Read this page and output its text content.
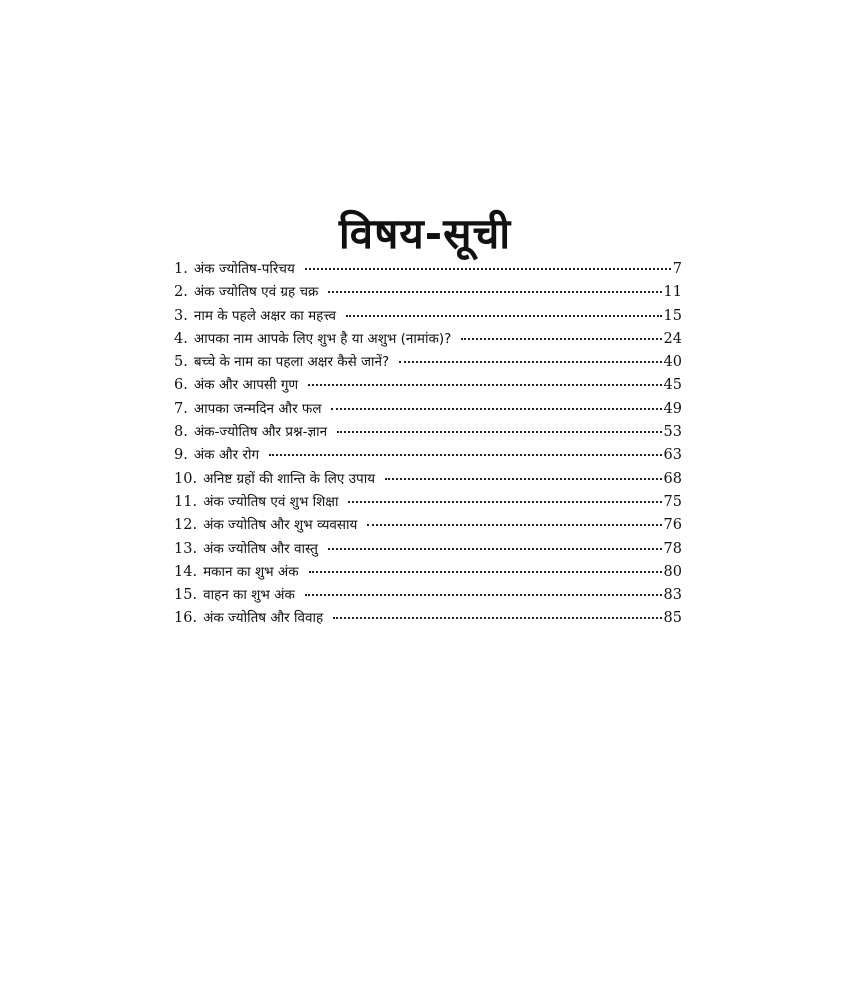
विषय-सूची
1. अंक ज्योतिष-परिचय	7
2. अंक ज्योतिष एवं ग्रह चक्र	11
3. नाम के पहले अक्षर का महत्त्व	15
4. आपका नाम आपके लिए शुभ है या अशुभ (नामांक)?	24
5. बच्चे के नाम का पहला अक्षर कैसे जानें?	40
6. अंक और आपसी गुण	45
7. आपका जन्मदिन और फल	49
8. अंक-ज्योतिष और प्रश्न-ज्ञान	53
9. अंक और रोग	63
10. अनिष्ट ग्रहों की शान्ति के लिए उपाय	68
11. अंक ज्योतिष एवं शुभ शिक्षा	75
12. अंक ज्योतिष और शुभ व्यवसाय	76
13. अंक ज्योतिष और वास्तु	78
14. मकान का शुभ अंक	80
15. वाहन का शुभ अंक	83
16. अंक ज्योतिष और विवाह	85
